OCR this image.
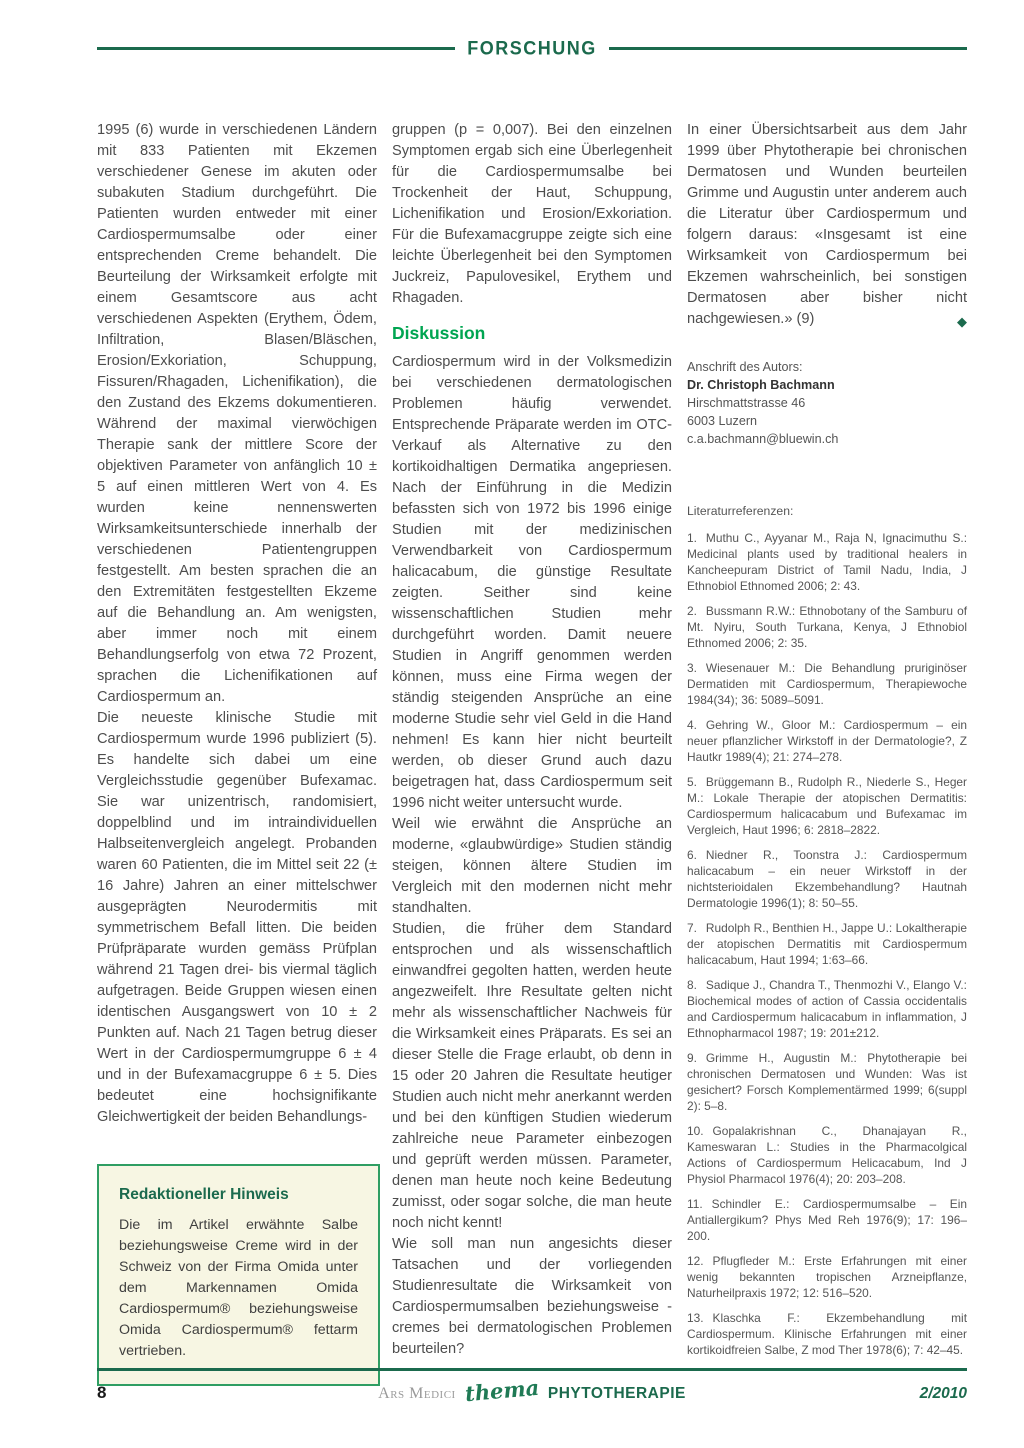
FORSCHUNG

1995 (6) wurde in verschiedenen Ländern mit 833 Patienten mit Ekzemen verschiedener Genese im akuten oder subakuten Stadium durchgeführt. Die Patienten wurden entweder mit einer Cardiospermumsalbe oder einer entsprechenden Creme behandelt. Die Beurteilung der Wirksamkeit erfolgte mit einem Gesamtscore aus acht verschiedenen Aspekten (Erythem, Ödem, Infiltration, Blasen/Bläschen, Erosion/Exkoriation, Schuppung, Fissuren/Rhagaden, Lichenifikation), die den Zustand des Ekzems dokumentieren. Während der maximal vierwöchigen Therapie sank der mittlere Score der objektiven Parameter von anfänglich 10 ± 5 auf einen mittleren Wert von 4. Es wurden keine nennenswerten Wirksamkeitsunterschiede innerhalb der verschiedenen Patientengruppen festgestellt. Am besten sprachen die an den Extremitäten festgestellten Ekzeme auf die Behandlung an. Am wenigsten, aber immer noch mit einem Behandlungserfolg von etwa 72 Prozent, sprachen die Lichenifikationen auf Cardiospermum an.

Die neueste klinische Studie mit Cardiospermum wurde 1996 publiziert (5). Es handelte sich dabei um eine Vergleichsstudie gegenüber Bufexamac. Sie war unizentrisch, randomisiert, doppelblind und im intraindividuellen Halbseitenvergleich angelegt. Probanden waren 60 Patienten, die im Mittel seit 22 (± 16 Jahre) Jahren an einer mittelschwer ausgeprägten Neurodermitis mit symmetrischem Befall litten. Die beiden Prüfpräparate wurden gemäss Prüfplan während 21 Tagen drei- bis viermal täglich aufgetragen. Beide Gruppen wiesen einen identischen Ausgangswert von 10 ± 2 Punkten auf. Nach 21 Tagen betrug dieser Wert in der Cardiospermumgruppe 6 ± 4 und in der Bufexamacgruppe 6 ± 5. Dies bedeutet eine hochsignifikante Gleichwertigkeit der beiden Behandlungs-

Redaktioneller Hinweis

Die im Artikel erwähnte Salbe beziehungsweise Creme wird in der Schweiz von der Firma Omida unter dem Markennamen Omida Cardiospermum® beziehungsweise Omida Cardiospermum® fettarm vertrieben.

gruppen (p = 0,007). Bei den einzelnen Symptomen ergab sich eine Überlegenheit für die Cardiospermumsalbe bei Trockenheit der Haut, Schuppung, Lichenifikation und Erosion/Exkoriation. Für die Bufexamacgruppe zeigte sich eine leichte Überlegenheit bei den Symptomen Juckreiz, Papulovesikel, Erythem und Rhagaden.

Diskussion

Cardiospermum wird in der Volksmedizin bei verschiedenen dermatologischen Problemen häufig verwendet. Entsprechende Präparate werden im OTC-Verkauf als Alternative zu den kortikoidhaltigen Dermatika angepriesen. Nach der Einführung in die Medizin befassten sich von 1972 bis 1996 einige Studien mit der medizinischen Verwendbarkeit von Cardiospermum halicacabum, die günstige Resultate zeigten. Seither sind keine wissenschaftlichen Studien mehr durchgeführt worden. Damit neuere Studien in Angriff genommen werden können, muss eine Firma wegen der ständig steigenden Ansprüche an eine moderne Studie sehr viel Geld in die Hand nehmen! Es kann hier nicht beurteilt werden, ob dieser Grund auch dazu beigetragen hat, dass Cardiospermum seit 1996 nicht weiter untersucht wurde.

Weil wie erwähnt die Ansprüche an moderne, «glaubwürdige» Studien ständig steigen, können ältere Studien im Vergleich mit den modernen nicht mehr standhalten.

Studien, die früher dem Standard entsprochen und als wissenschaftlich einwandfrei gegolten hatten, werden heute angezweifelt. Ihre Resultate gelten nicht mehr als wissenschaftlicher Nachweis für die Wirksamkeit eines Präparats. Es sei an dieser Stelle die Frage erlaubt, ob denn in 15 oder 20 Jahren die Resultate heutiger Studien auch nicht mehr anerkannt werden und bei den künftigen Studien wiederum zahlreiche neue Parameter einbezogen und geprüft werden müssen. Parameter, denen man heute noch keine Bedeutung zumisst, oder sogar solche, die man heute noch nicht kennt!

Wie soll man nun angesichts dieser Tatsachen und der vorliegenden Studienresultate die Wirksamkeit von Cardiospermumsalben beziehungsweise -cremes bei dermatologischen Problemen beurteilen?

In einer Übersichtsarbeit aus dem Jahr 1999 über Phytotherapie bei chronischen Dermatosen und Wunden beurteilen Grimme und Augustin unter anderem auch die Literatur über Cardiospermum und folgern daraus: «Insgesamt ist eine Wirksamkeit von Cardiospermum bei Ekzemen wahrscheinlich, bei sonstigen Dermatosen aber bisher nicht nachgewiesen.» (9)	◆
Anschrift des Autors:
Dr. Christoph Bachmann
Hirschmattstrasse 46
6003 Luzern
c.a.bachmann@bluewin.ch
Literaturreferenzen:

1. Muthu C., Ayyanar M., Raja N, Ignacimuthu S.: Medicinal plants used by traditional healers in Kancheepuram District of Tamil Nadu, India, J Ethnobiol Ethnomed 2006; 2: 43.

2. Bussmann R.W.: Ethnobotany of the Samburu of Mt. Nyiru, South Turkana, Kenya, J Ethnobiol Ethnomed 2006; 2: 35.

3. Wiesenauer M.: Die Behandlung pruriginöser Dermatiden mit Cardiospermum, Therapiewoche 1984(34); 36: 5089–5091.

4. Gehring W., Gloor M.: Cardiospermum – ein neuer pflanzlicher Wirkstoff in der Dermatologie?, Z Hautkr 1989(4); 21: 274–278.

5. Brüggemann B., Rudolph R., Niederle S., Heger M.: Lokale Therapie der atopischen Dermatitis: Cardiospermum halicacabum und Bufexamac im Vergleich, Haut 1996; 6: 2818–2822.

6. Niedner R., Toonstra J.: Cardiospermum halicacabum – ein neuer Wirkstoff in der nichtsterioidalen Ekzembehandlung? Hautnah Dermatologie 1996(1); 8: 50–55.

7. Rudolph R., Benthien H., Jappe U.: Lokaltherapie der atopischen Dermatitis mit Cardiospermum halicacabum, Haut 1994; 1:63–66.

8. Sadique J., Chandra T., Thenmozhi V., Elango V.: Biochemical modes of action of Cassia occidentalis and Cardiospermum halicacabum in inflammation, J Ethnopharmacol 1987; 19: 201±212.

9. Grimme H., Augustin M.: Phytotherapie bei chronischen Dermatosen und Wunden: Was ist gesichert? Forsch Komplementärmed 1999; 6(suppl 2): 5–8.

10. Gopalakrishnan C., Dhanajayan R., Kameswaran L.: Studies in the Pharmacolgical Actions of Cardiospermum Helicacabum, Ind J Physiol Pharmacol 1976(4); 20: 203–208.

11. Schindler E.: Cardiospermumsalbe – Ein Antiallergikum? Phys Med Reh 1976(9); 17: 196–200.

12. Pflugfleder M.: Erste Erfahrungen mit einer wenig bekannten tropischen Arzneipflanze, Naturheilpraxis 1972; 12: 516–520.

13. Klaschka F.: Ekzembehandlung mit Cardiospermum. Klinische Erfahrungen mit einer kortikoidfreien Salbe, Z mod Ther 1978(6); 7: 42–45.

8	Ars Medici thema PHYTOTHERAPIE	2/2010
